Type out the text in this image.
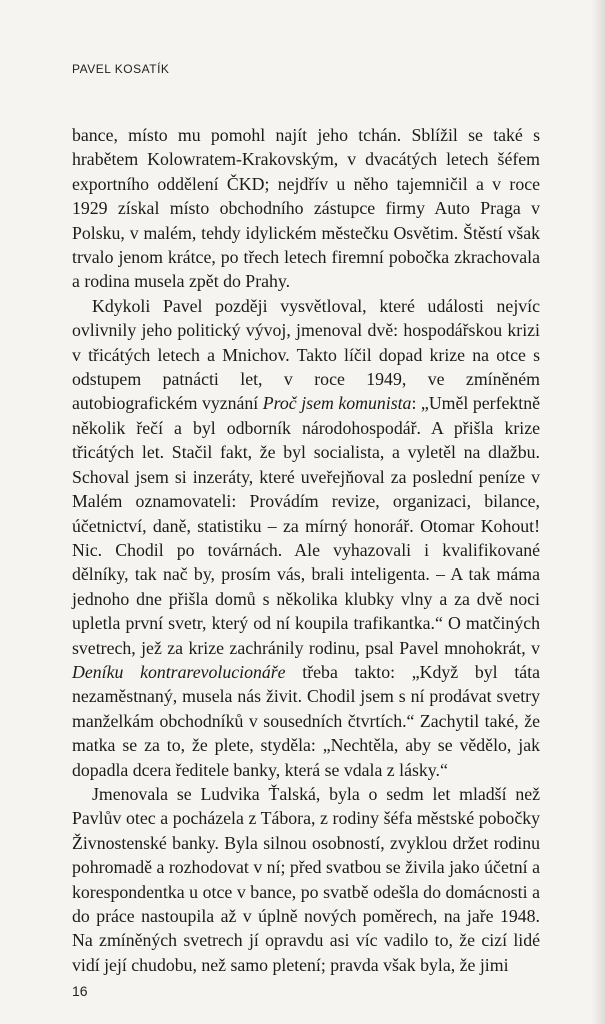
PAVEL KOSATÍK

bance, místo mu pomohl najít jeho tchán. Sblížil se také s hrabětem Kolowratem-Krakovským, v dvacátých letech šéfem exportního oddělení ČKD; nejdřív u něho tajemničil a v roce 1929 získal místo obchodního zástupce firmy Auto Praga v Polsku, v malém, tehdy idylickém městečku Osvětim. Štěstí však trvalo jenom krátce, po třech letech firemní pobočka zkrachovala a rodina musela zpět do Prahy.

Kdykoli Pavel později vysvětloval, které události nejvíc ovlivnily jeho politický vývoj, jmenoval dvě: hospodářskou krizi v třicátých letech a Mnichov. Takto líčil dopad krize na otce s odstupem patnácti let, v roce 1949, ve zmíněném autobiografickém vyznání Proč jsem komunista: „Uměl perfektně několik řečí a byl odborník národohospodář. A přišla krize třicátých let. Stačil fakt, že byl socialista, a vyletěl na dlažbu. Schoval jsem si inzeráty, které uveřejňoval za poslední peníze v Malém oznamovateli: Provádím revize, organizaci, bilance, účetnictví, daně, statistiku – za mírný honorář. Otomar Kohout! Nic. Chodil po továrnách. Ale vyhazovali i kvalifikované dělníky, tak nač by, prosím vás, brali inteligenta. – A tak máma jednoho dne přišla domů s několika klubky vlny a za dvě noci upletla první svetr, který od ní koupila trafikantka.“ O matčiných svetrech, jež za krize zachránily rodinu, psal Pavel mnohokrát, v Deníku kontrarevolucionáře třeba takto: „Když byl táta nezaměstnaný, musela nás živit. Chodil jsem s ní prodávat svetry manželkám obchodníků v sousedních čtvrtích.“ Zachytil také, že matka se za to, že plete, styděla: „Nechtěla, aby se vědělo, jak dopadla dcera ředitele banky, která se vdala z lásky.“

Jmenovala se Ludvika Ťalská, byla o sedm let mladší než Pavlův otec a pocházela z Tábora, z rodiny šéfa městské pobočky Živnostenské banky. Byla silnou osobností, zvyklou držet rodinu pohromadě a rozhodovat v ní; před svatbou se živila jako účetní a korespondentka u otce v bance, po svatbě odešla do domácnosti a do práce nastoupila až v úplně nových poměrech, na jaře 1948. Na zmíněných svetrech jí opravdu asi víc vadilo to, že cizí lidé vidí její chudobu, než samo pletení; pravda však byla, že jimi

16
